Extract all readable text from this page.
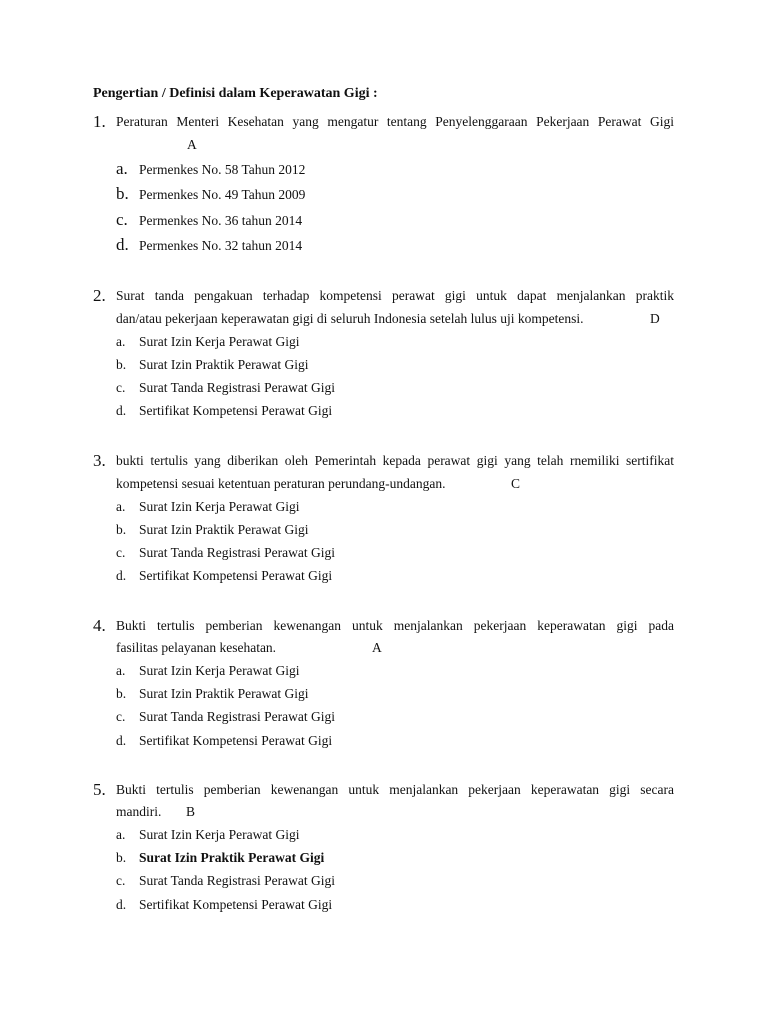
Pengertian / Definisi dalam Keperawatan Gigi :
1. Peraturan Menteri Kesehatan yang mengatur tentang Penyelenggaraan Pekerjaan Perawat Gigi
A
a. Permenkes No. 58 Tahun 2012
b. Permenkes No. 49 Tahun 2009
c. Permenkes No. 36 tahun 2014
d. Permenkes No. 32 tahun 2014
2. Surat tanda pengakuan terhadap kompetensi perawat gigi untuk dapat menjalankan praktik
dan/atau pekerjaan keperawatan gigi di seluruh Indonesia setelah lulus uji kompetensi.	D
a. Surat Izin Kerja Perawat Gigi
b. Surat Izin Praktik Perawat Gigi
c. Surat Tanda Registrasi Perawat Gigi
d. Sertifikat Kompetensi Perawat Gigi
3. bukti tertulis yang diberikan oleh Pemerintah kepada perawat gigi yang telah rnemiliki sertifikat
kompetensi sesuai ketentuan peraturan perundang-undangan.	C
a. Surat Izin Kerja Perawat Gigi
b. Surat Izin Praktik Perawat Gigi
c. Surat Tanda Registrasi Perawat Gigi
d. Sertifikat Kompetensi Perawat Gigi
4. Bukti tertulis pemberian kewenangan untuk menjalankan pekerjaan keperawatan gigi pada
fasilitas pelayanan kesehatan.	A
a. Surat Izin Kerja Perawat Gigi
b. Surat Izin Praktik Perawat Gigi
c. Surat Tanda Registrasi Perawat Gigi
d. Sertifikat Kompetensi Perawat Gigi
5. Bukti tertulis pemberian kewenangan untuk menjalankan pekerjaan keperawatan gigi secara
mandiri. B
a. Surat Izin Kerja Perawat Gigi
b. Surat Izin Praktik Perawat Gigi
c. Surat Tanda Registrasi Perawat Gigi
d. Sertifikat Kompetensi Perawat Gigi
